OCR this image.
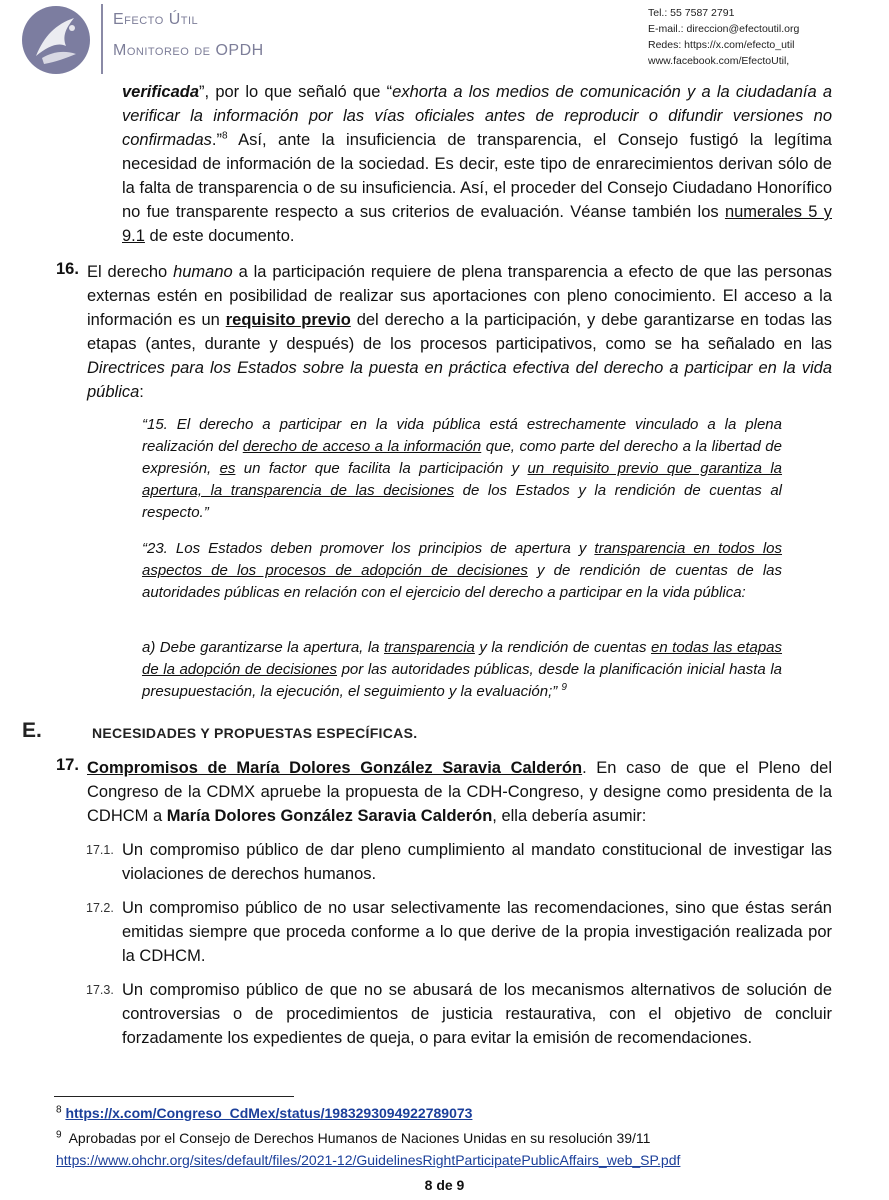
Efecto Útil
Monitoreo de OPDH
Tel.: 55 7587 2791
E-mail.: direccion@efectoutil.org
Redes: https://x.com/efecto_util
www.facebook.com/EfectoUtil,

verificada”, por lo que señaló que “exhorta a los medios de comunicación y a la ciudadanía a verificar la información por las vías oficiales antes de reproducir o difundir versiones no confirmadas.”$^8$ Así, ante la insuficiencia de transparencia, el Consejo fustigó la legítima necesidad de información de la sociedad. Es decir, este tipo de enrarecimientos derivan sólo de la falta de transparencia o de su insuficiencia. Así, el proceder del Consejo Ciudadano Honorífico no fue transparente respecto a sus criterios de evaluación. Véanse también los numerales 5 y 9.1 de este documento.

16. El derecho humano a la participación requiere de plena transparencia a efecto de que las personas externas estén en posibilidad de realizar sus aportaciones con pleno conocimiento. El acceso a la información es un requisito previo del derecho a la participación, y debe garantizarse en todas las etapas (antes, durante y después) de los procesos participativos, como se ha señalado en las Directrices para los Estados sobre la puesta en práctica efectiva del derecho a participar en la vida pública:

“15. El derecho a participar en la vida pública está estrechamente vinculado a la plena realización del derecho de acceso a la información que, como parte del derecho a la libertad de expresión, es un factor que facilita la participación y un requisito previo que garantiza la apertura, la transparencia de las decisiones de los Estados y la rendición de cuentas al respecto.”

“23. Los Estados deben promover los principios de apertura y transparencia en todos los aspectos de los procesos de adopción de decisiones y de rendición de cuentas de las autoridades públicas en relación con el ejercicio del derecho a participar en la vida pública:

a) Debe garantizarse la apertura, la transparencia y la rendición de cuentas en todas las etapas de la adopción de decisiones por las autoridades públicas, desde la planificación inicial hasta la presupuestación, la ejecución, el seguimiento y la evaluación;” $^9$

E.	NECESIDADES Y PROPUESTAS ESPECÍFICAS.
17. Compromisos de María Dolores González Saravia Calderón. En caso de que el Pleno del Congreso de la CDMX apruebe la propuesta de la CDH-Congreso, y designe como presidenta de la CDHCM a María Dolores González Saravia Calderón, ella debería asumir:

17.1. Un compromiso público de dar pleno cumplimiento al mandato constitucional de investigar las violaciones de derechos humanos.

17.2. Un compromiso público de no usar selectivamente las recomendaciones, sino que éstas serán emitidas siempre que proceda conforme a lo que derive de la propia investigación realizada por la CDHCM.

17.3. Un compromiso público de que no se abusará de los mecanismos alternativos de solución de controversias o de procedimientos de justicia restaurativa, con el objetivo de concluir forzadamente los expedientes de queja, o para evitar la emisión de recomendaciones.

$^8$ https://x.com/Congreso_CdMex/status/1983293094922789073
$^9$ Aprobadas por el Consejo de Derechos Humanos de Naciones Unidas en su resolución 39/11
https://www.ohchr.org/sites/default/files/2021-12/GuidelinesRightParticipatePublicAffairs_web_SP.pdf
8 de 9
